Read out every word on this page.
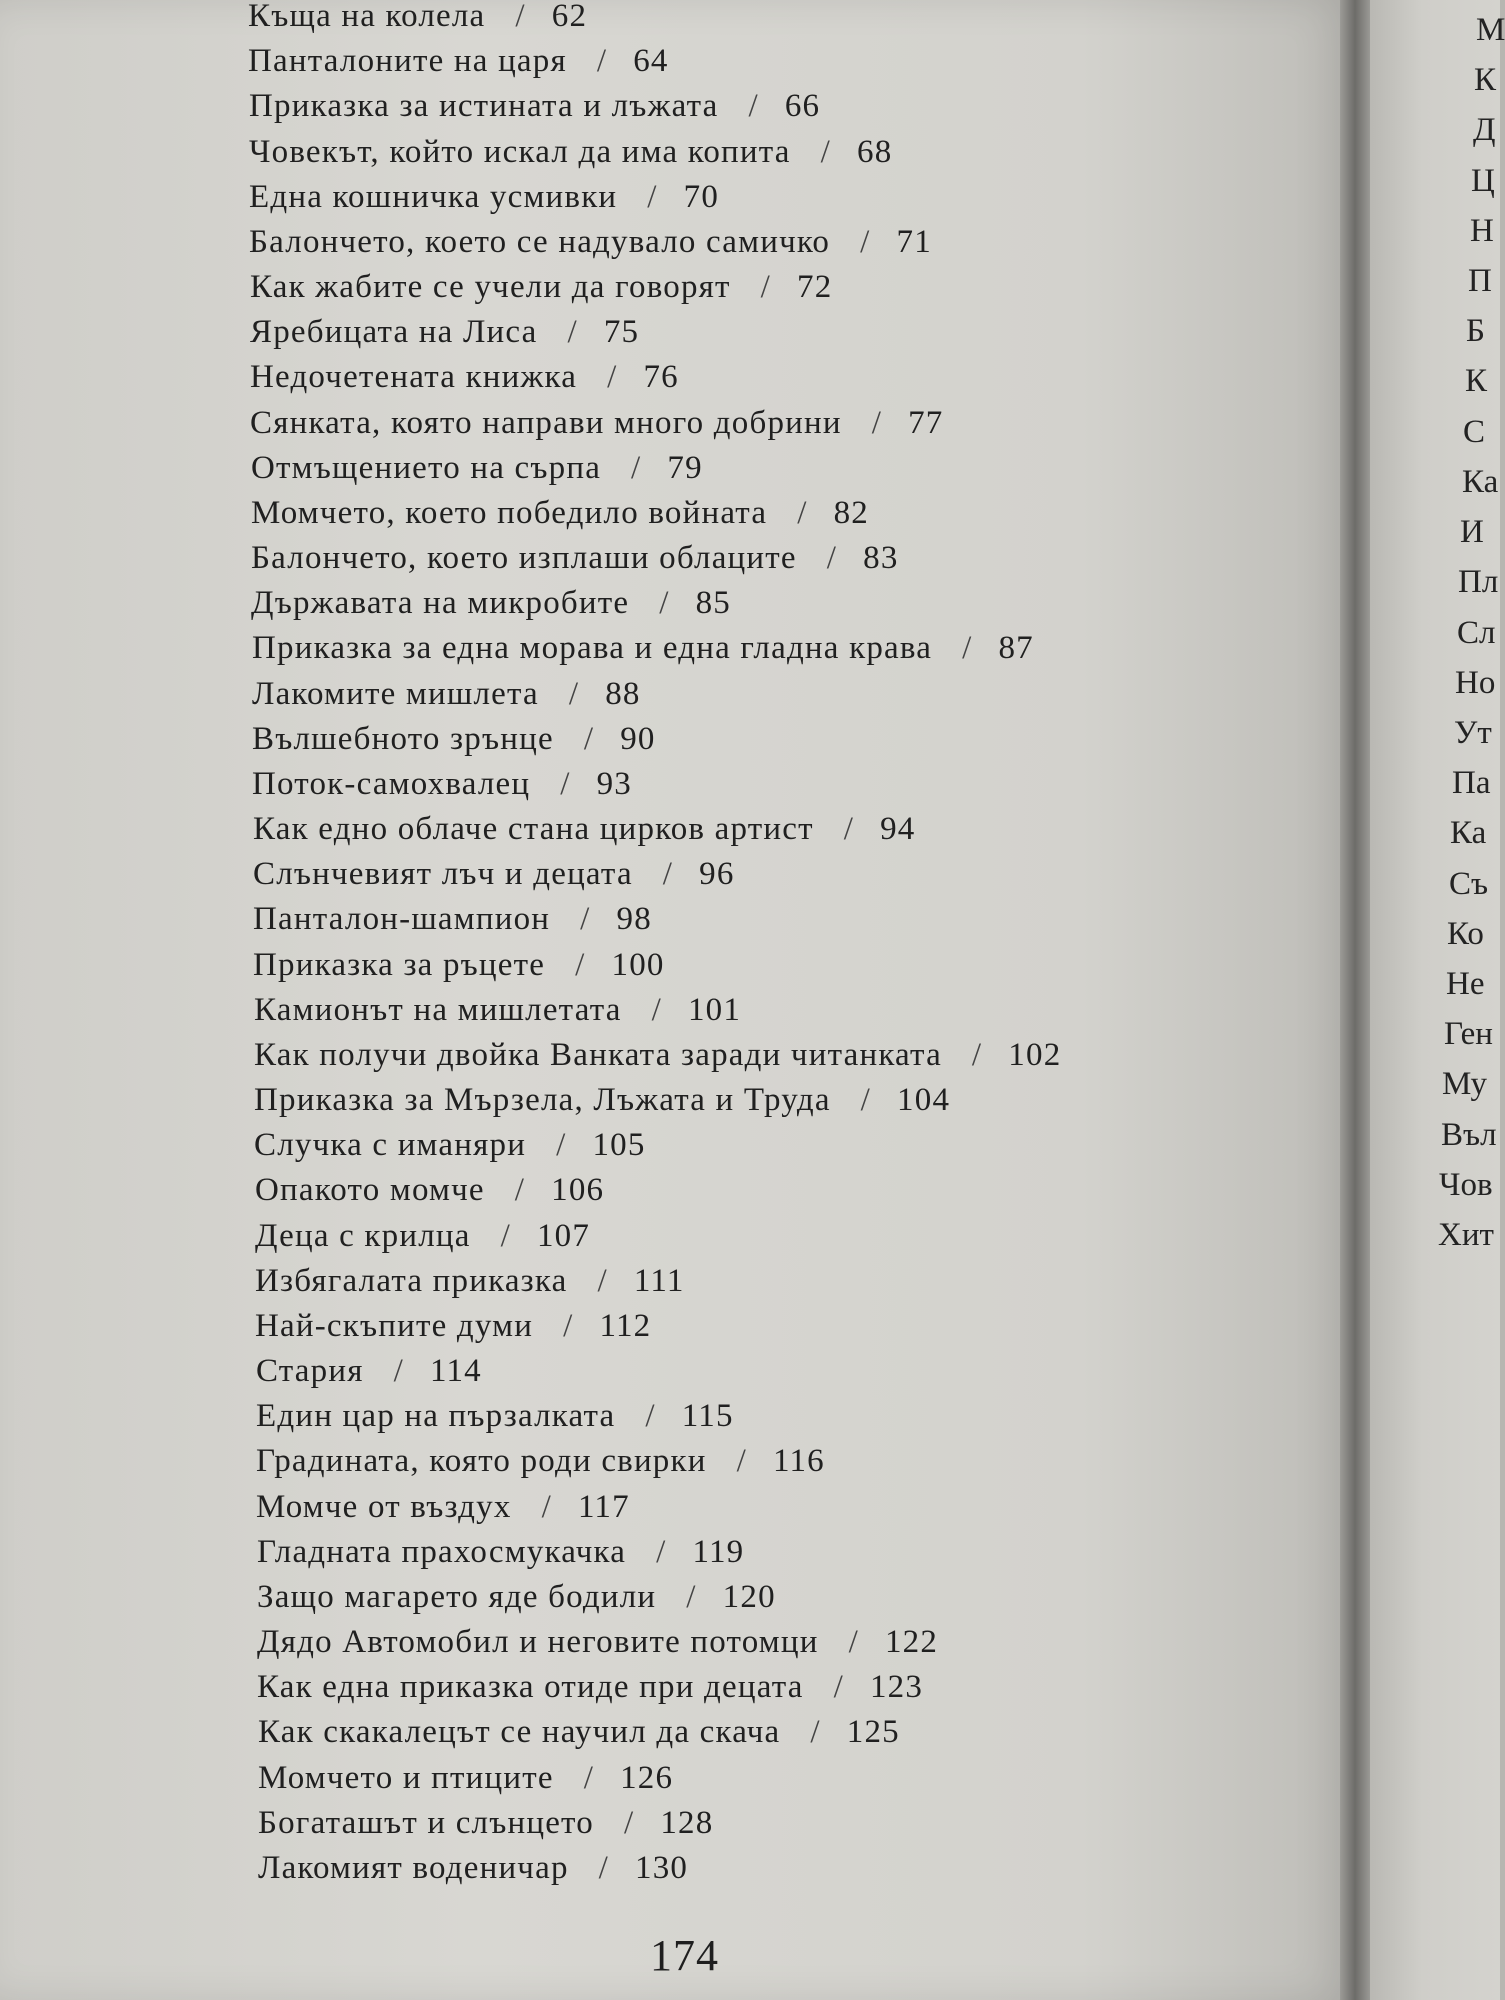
Къща на колела / 62
Панталоните на царя / 64
Приказка за истината и лъжата / 66
Човекът, който искал да има копита / 68
Една кошничка усмивки / 70
Балончето, което се надувало самичко / 71
Как жабите се учели да говорят / 72
Яребицата на Лиса / 75
Недочетената книжка / 76
Сянката, която направи много добрини / 77
Отмъщението на сърпа / 79
Момчето, което победило войната / 82
Балончето, което изплаши облаците / 83
Държавата на микробите / 85
Приказка за една морава и една гладна крава / 87
Лакомите мишлета / 88
Вълшебното зрънце / 90
Поток-самохвалец / 93
Как едно облаче стана цирков артист / 94
Слънчевият лъч и децата / 96
Панталон-шампион / 98
Приказка за ръцете / 100
Камионът на мишлетата / 101
Как получи двойка Ванката заради читанката / 102
Приказка за Мързела, Лъжата и Труда / 104
Случка с иманяри / 105
Опакото момче / 106
Деца с крилца / 107
Избягалата приказка / 111
Най-скъпите думи / 112
Стария / 114
Един цар на пързалката / 115
Градината, която роди свирки / 116
Момче от въздух / 117
Гладната прахосмукачка / 119
Защо магарето яде бодили / 120
Дядо Автомобил и неговите потомци / 122
Как една приказка отиде при децата / 123
Как скакалецът се научил да скача / 125
Момчето и птиците / 126
Богаташът и слънцето / 128
Лакомият воденичар / 130
174
М
К
Д
Ц
Н
П
Б
К
С
Ка
И
Пл
Сл
Но
Ут
Па
Ка
Съ
Ко
Не
Ген
Му
Въл
Чов
Хит
